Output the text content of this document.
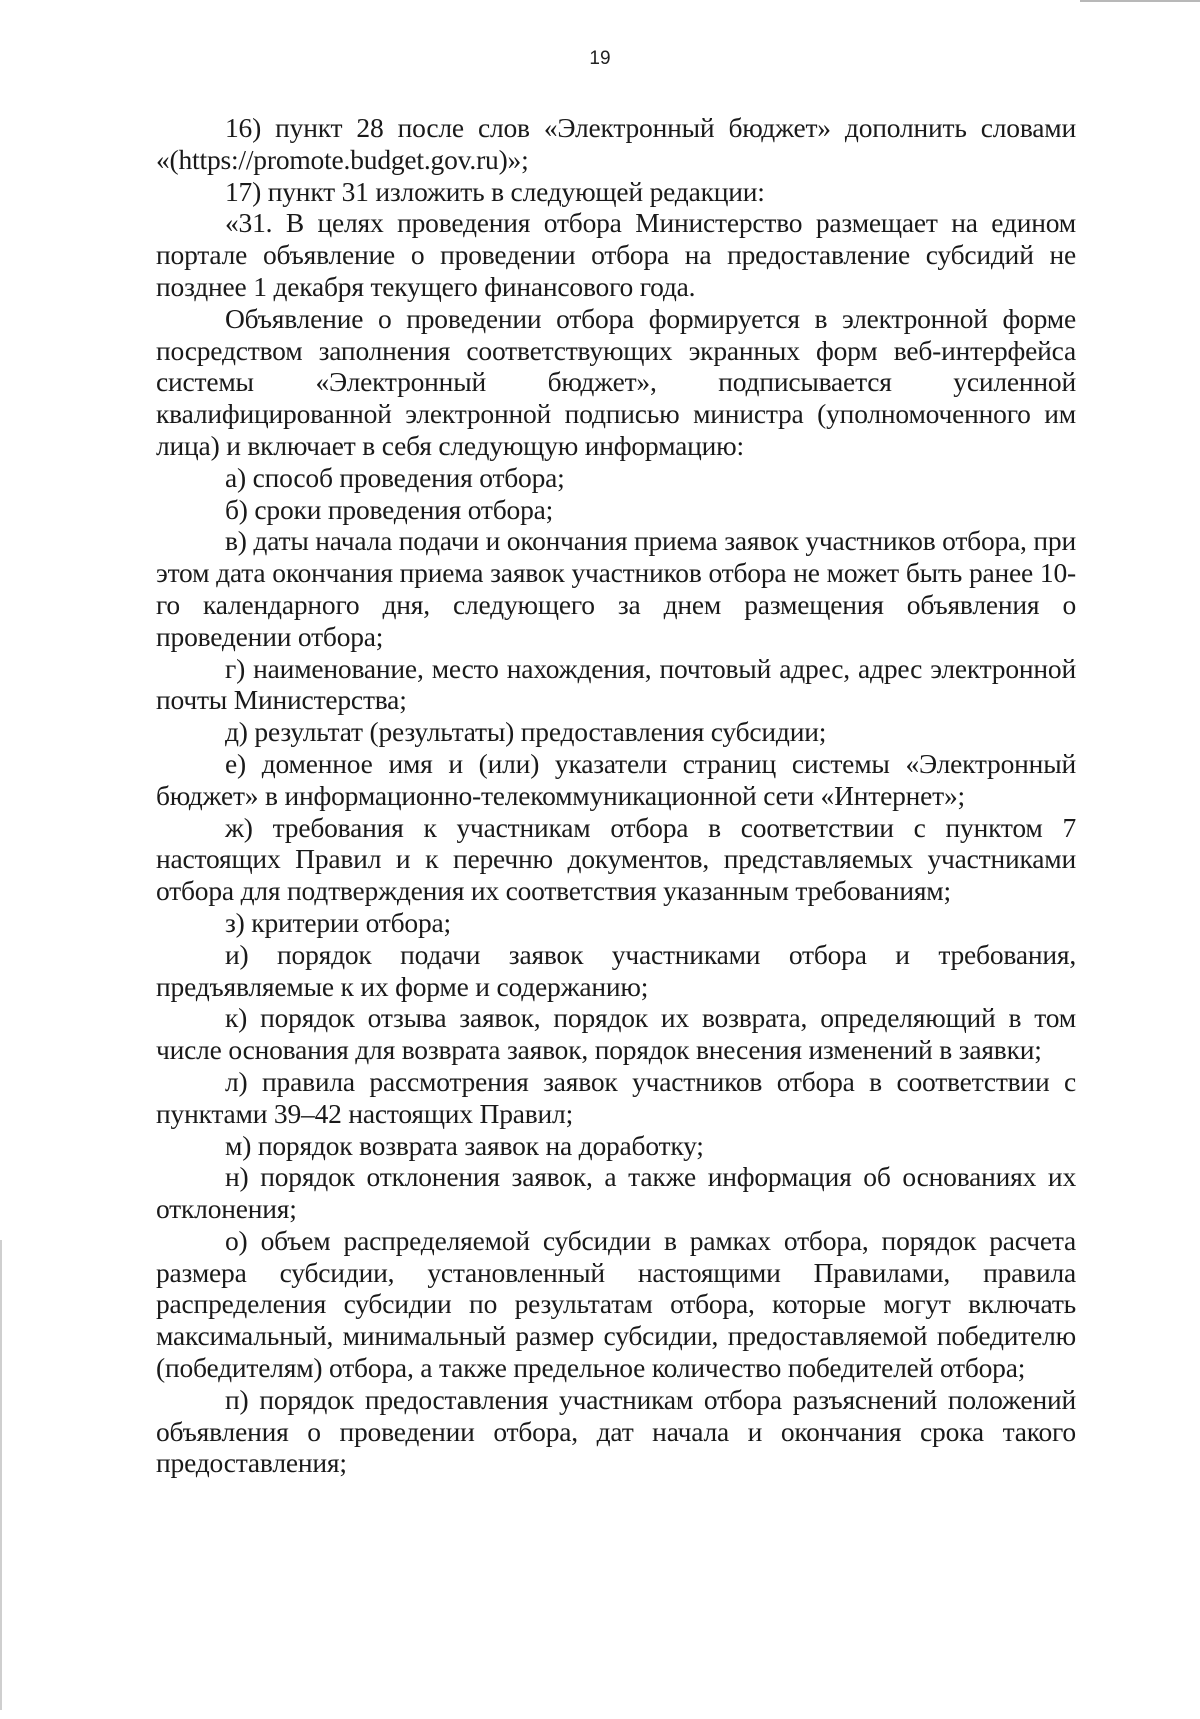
19

16) пункт 28 после слов «Электронный бюджет» дополнить словами «(https://promote.budget.gov.ru)»;

17) пункт 31 изложить в следующей редакции:

«31. В целях проведения отбора Министерство размещает на едином портале объявление о проведении отбора на предоставление субсидий не позднее 1 декабря текущего финансового года.

Объявление о проведении отбора формируется в электронной форме посредством заполнения соответствующих экранных форм веб-интерфейса системы «Электронный бюджет», подписывается усиленной квалифицированной электронной подписью министра (уполномоченного им лица) и включает в себя следующую информацию:

а) способ проведения отбора;

б) сроки проведения отбора;

в) даты начала подачи и окончания приема заявок участников отбора, при этом дата окончания приема заявок участников отбора не может быть ранее 10-го календарного дня, следующего за днем размещения объявления о проведении отбора;

г) наименование, место нахождения, почтовый адрес, адрес электронной почты Министерства;

д) результат (результаты) предоставления субсидии;

е) доменное имя и (или) указатели страниц системы «Электронный бюджет» в информационно-телекоммуникационной сети «Интернет»;

ж) требования к участникам отбора в соответствии с пунктом 7 настоящих Правил и к перечню документов, представляемых участниками отбора для подтверждения их соответствия указанным требованиям;

з) критерии отбора;

и) порядок подачи заявок участниками отбора и требования, предъявляемые к их форме и содержанию;

к) порядок отзыва заявок, порядок их возврата, определяющий в том числе основания для возврата заявок, порядок внесения изменений в заявки;

л) правила рассмотрения заявок участников отбора в соответствии с пунктами 39–42 настоящих Правил;

м) порядок возврата заявок на доработку;

н) порядок отклонения заявок, а также информация об основаниях их отклонения;

о) объем распределяемой субсидии в рамках отбора, порядок расчета размера субсидии, установленный настоящими Правилами, правила распределения субсидии по результатам отбора, которые могут включать максимальный, минимальный размер субсидии, предоставляемой победителю (победителям) отбора, а также предельное количество победителей отбора;

п) порядок предоставления участникам отбора разъяснений положений объявления о проведении отбора, дат начала и окончания срока такого предоставления;
